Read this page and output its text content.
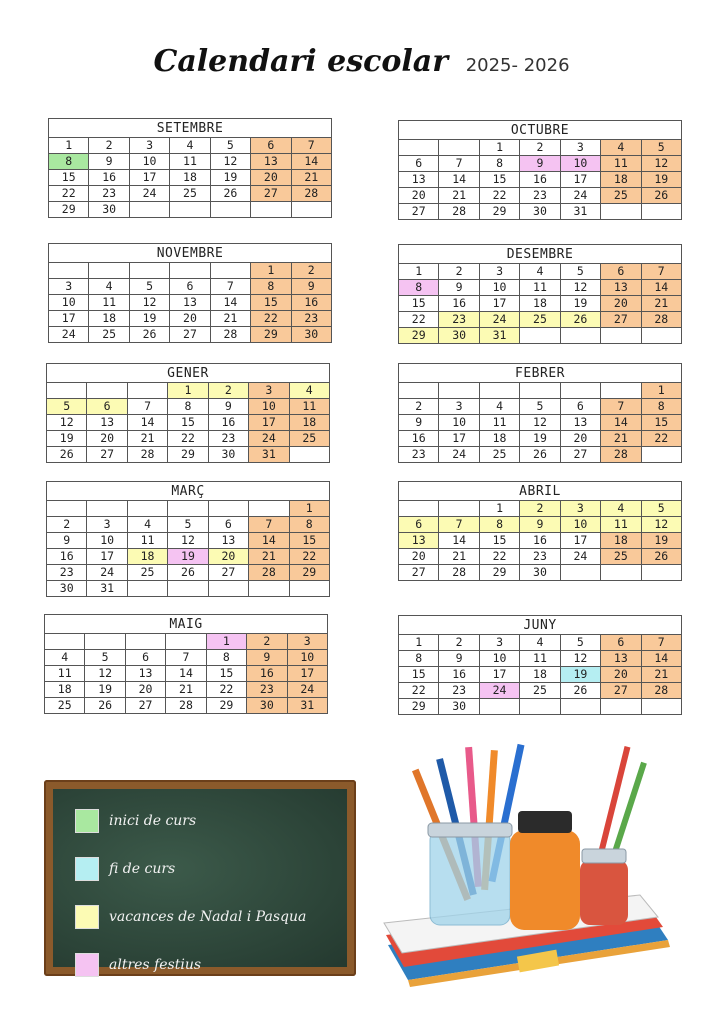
Calendari escolar 2025- 2026
SETEMBRE						
1	2	3	4	5	6	7
8	9	10	11	12	13	14
15	16	17	18	19	20	21
22	23	24	25	26	27	28
29	30					
OCTUBRE						
		1	2	3	4	5
6	7	8	9	10	11	12
13	14	15	16	17	18	19
20	21	22	23	24	25	26
27	28	29	30	31		
NOVEMBRE						
					1	2
3	4	5	6	7	8	9
10	11	12	13	14	15	16
17	18	19	20	21	22	23
24	25	26	27	28	29	30
DESEMBRE						
1	2	3	4	5	6	7
8	9	10	11	12	13	14
15	16	17	18	19	20	21
22	23	24	25	26	27	28
29	30	31				
GENER						
			1	2	3	4
5	6	7	8	9	10	11
12	13	14	15	16	17	18
19	20	21	22	23	24	25
26	27	28	29	30	31	
FEBRER						
						1
2	3	4	5	6	7	8
9	10	11	12	13	14	15
16	17	18	19	20	21	22
23	24	25	26	27	28	
MARÇ						
						1
2	3	4	5	6	7	8
9	10	11	12	13	14	15
16	17	18	19	20	21	22
23	24	25	26	27	28	29
30	31					
ABRIL						
		1	2	3	4	5
6	7	8	9	10	11	12
13	14	15	16	17	18	19
20	21	22	23	24	25	26
27	28	29	30			
MAIG						
				1	2	3
4	5	6	7	8	9	10
11	12	13	14	15	16	17
18	19	20	21	22	23	24
25	26	27	28	29	30	31
JUNY						
1	2	3	4	5	6	7
8	9	10	11	12	13	14
15	16	17	18	19	20	21
22	23	24	25	26	27	28
29	30					
inici de curs
fi de curs
vacances de Nadal i Pasqua
altres festius
